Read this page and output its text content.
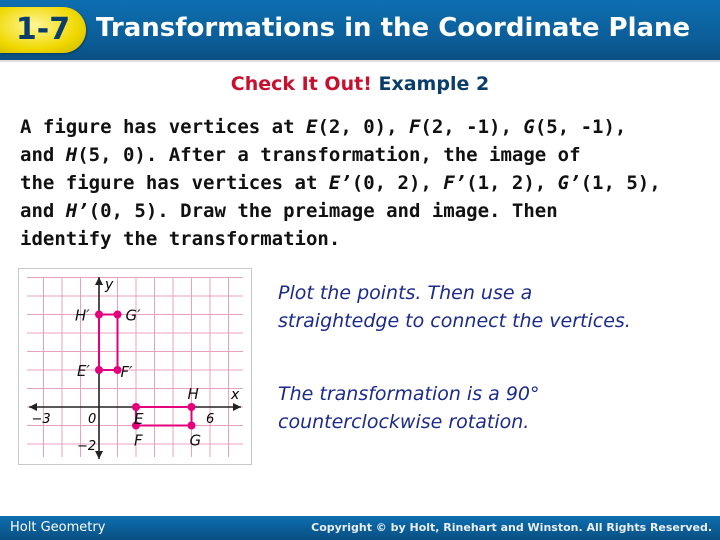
1-7 Transformations in the Coordinate Plane
Check It Out! Example 2
A figure has vertices at E(2, 0), F(2, -1), G(5, -1),
and H(5, 0). After a transformation, the image of
the figure has vertices at E’(0, 2), F’(1, 2), G’(1, 5),
and H’(0, 5). Draw the preimage and image. Then
identify the transformation.
E
F	G
H
E′ F′
G′
H′
x
y
−3	0	6
−2
Plot the points. Then use a straightedge to connect the vertices.
The transformation is a 90° counterclockwise rotation.
Holt Geometry	Copyright © by Holt, Rinehart and Winston. All Rights Reserved.
